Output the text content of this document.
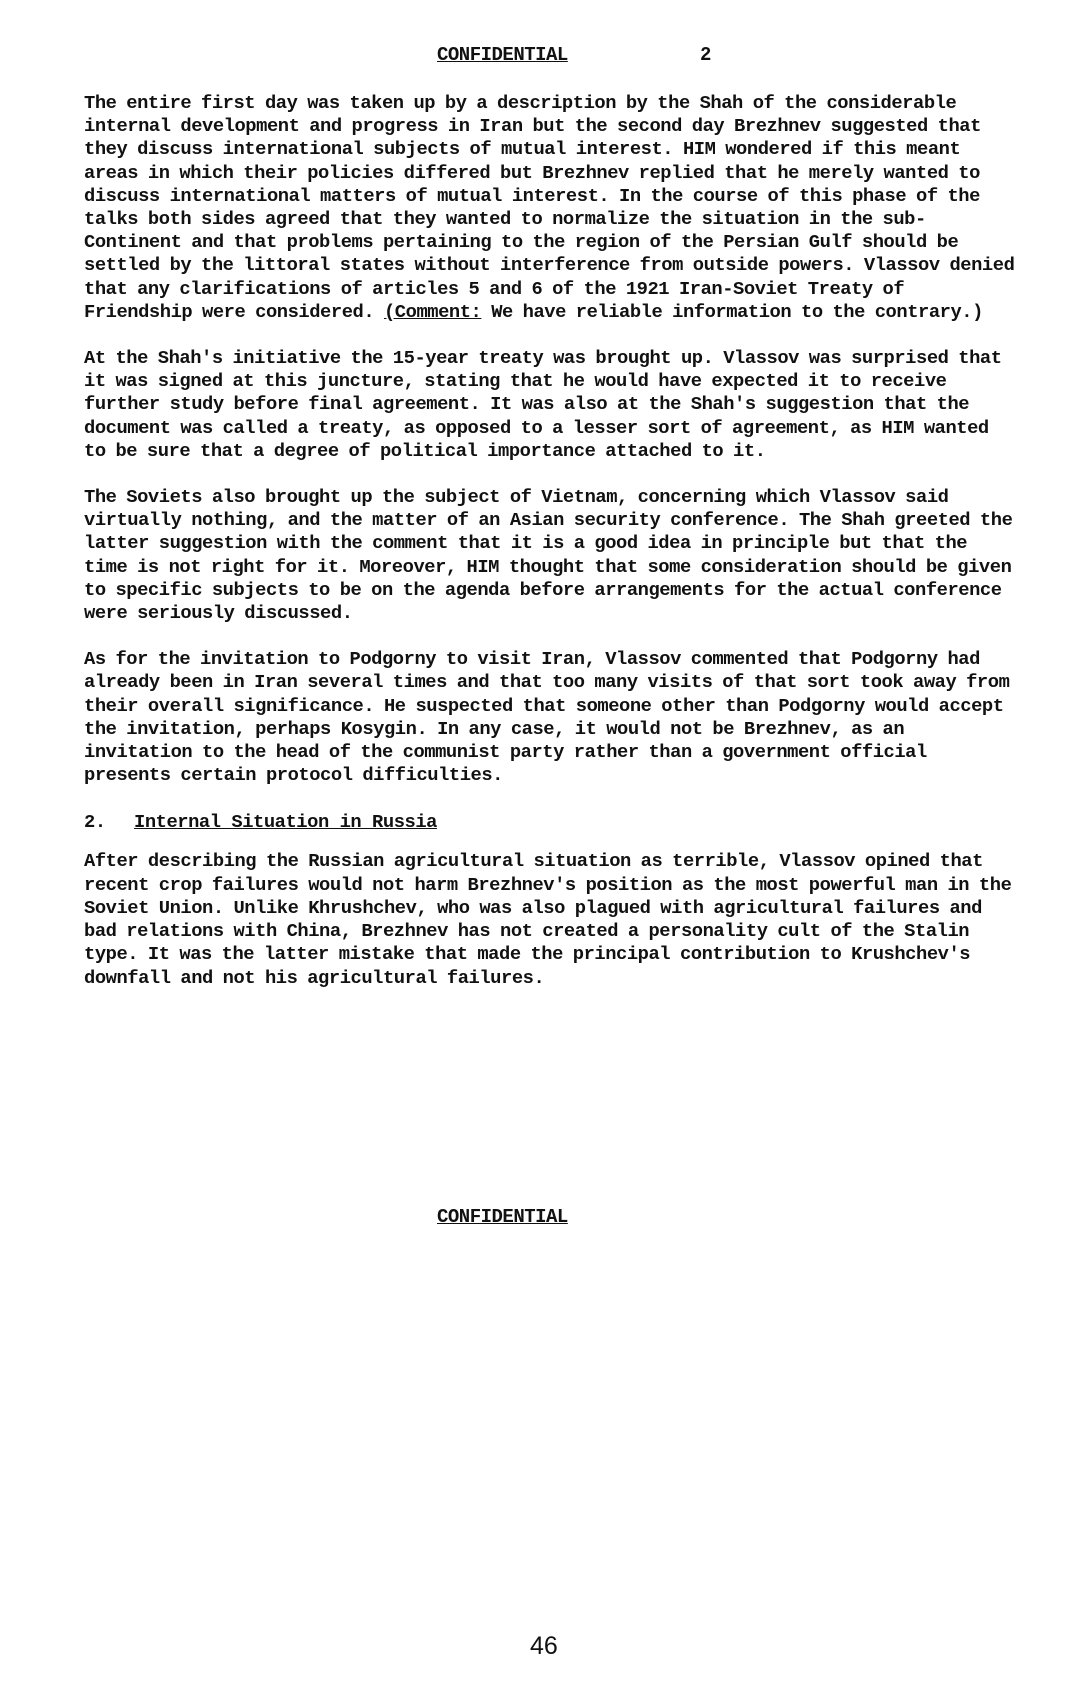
CONFIDENTIAL	2

The entire first day was taken up by a description by the Shah of the considerable internal development and progress in Iran but the second day Brezhnev suggested that they discuss international subjects of mutual interest. HIM wondered if this meant areas in which their policies differed but Brezhnev replied that he merely wanted to discuss international matters of mutual interest. In the course of this phase of the talks both sides agreed that they wanted to normalize the situation in the sub-Continent and that problems pertaining to the region of the Persian Gulf should be settled by the littoral states without interference from outside powers. Vlassov denied that any clarifications of articles 5 and 6 of the 1921 Iran-Soviet Treaty of Friendship were considered. (Comment: We have reliable information to the contrary.)

At the Shah's initiative the 15-year treaty was brought up. Vlassov was surprised that it was signed at this juncture, stating that he would have expected it to receive further study before final agreement. It was also at the Shah's suggestion that the document was called a treaty, as opposed to a lesser sort of agreement, as HIM wanted to be sure that a degree of political importance attached to it.

The Soviets also brought up the subject of Vietnam, concerning which Vlassov said virtually nothing, and the matter of an Asian security conference. The Shah greeted the latter suggestion with the comment that it is a good idea in principle but that the time is not right for it. Moreover, HIM thought that some consideration should be given to specific subjects to be on the agenda before arrangements for the actual conference were seriously discussed.

As for the invitation to Podgorny to visit Iran, Vlassov commented that Podgorny had already been in Iran several times and that too many visits of that sort took away from their overall significance. He suspected that someone other than Podgorny would accept the invitation, perhaps Kosygin. In any case, it would not be Brezhnev, as an invitation to the head of the communist party rather than a government official presents certain protocol difficulties.

2. Internal Situation in Russia

After describing the Russian agricultural situation as terrible, Vlassov opined that recent crop failures would not harm Brezhnev's position as the most powerful man in the Soviet Union. Unlike Khrushchev, who was also plagued with agricultural failures and bad relations with China, Brezhnev has not created a personality cult of the Stalin type. It was the latter mistake that made the principal contribution to Krushchev's downfall and not his agricultural failures.

CONFIDENTIAL
46
